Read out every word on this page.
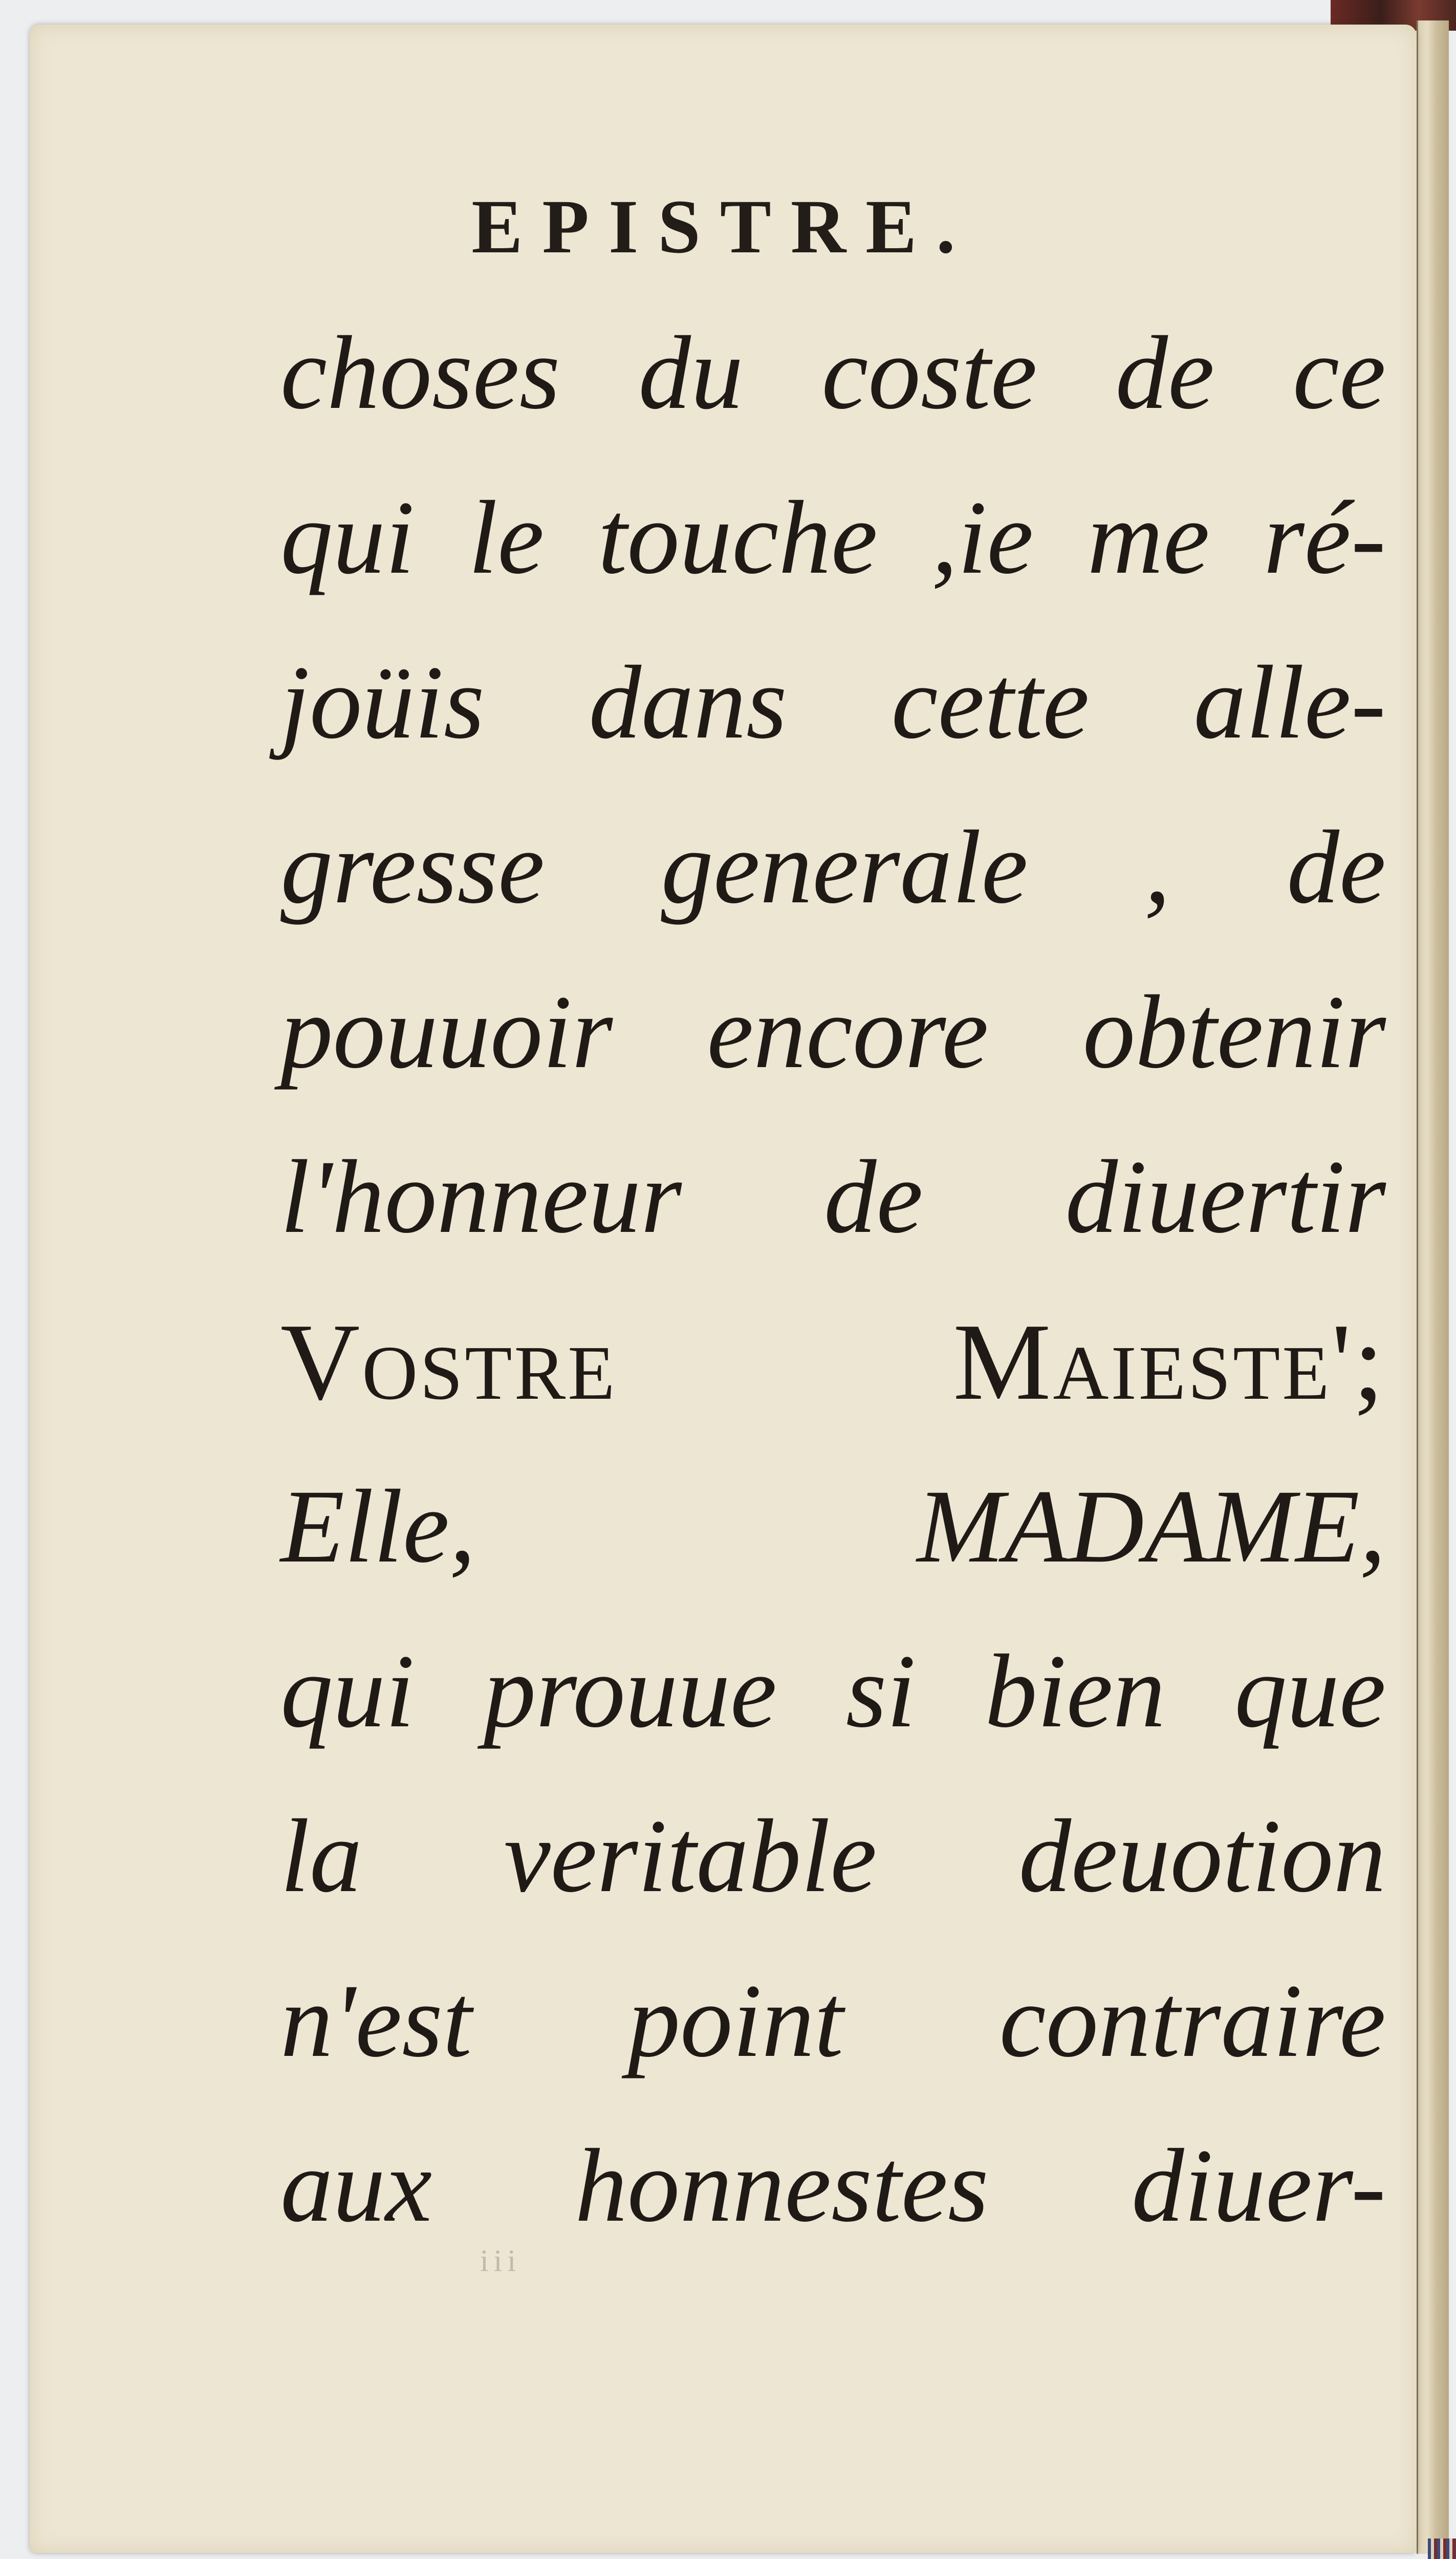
EPISTRE.
choses du coste de ce
qui le touche ,ie me ré-
joüis dans cette alle-
gresse generale , de
pouuoir encore obtenir
l'honneur de diuertir
Vostre Maieste';
Elle, MADAME,
qui prouue si bien que
la veritable deuotion
n'est point contraire
aux honnestes diuer-
iii
